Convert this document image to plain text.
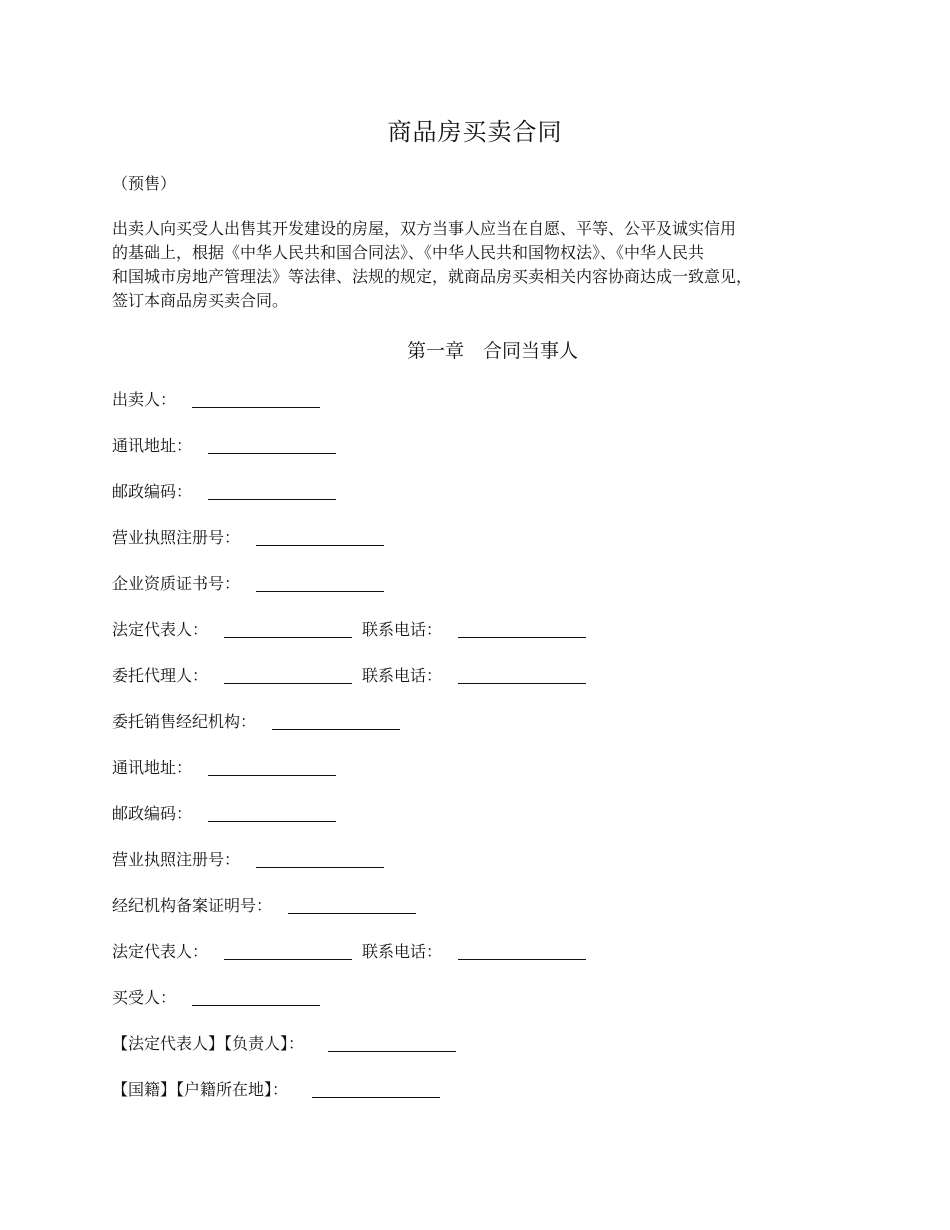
商品房买卖合同
（预售）
出卖人向买受人出售其开发建设的房屋，双方当事人应当在自愿、平等、公平及诚实信用
的基础上，根据《中华人民共和国合同法》、《中华人民共和国物权法》、《中华人民共
和国城市房地产管理法》等法律、法规的规定，就商品房买卖相关内容协商达成一致意见，
签订本商品房买卖合同。
第一章　合同当事人
出卖人：
通讯地址：
邮政编码：
营业执照注册号：
企业资质证书号：
法定代表人：	联系电话：
委托代理人：	联系电话：
委托销售经纪机构：
通讯地址：
邮政编码：
营业执照注册号：
经纪机构备案证明号：
法定代表人：	联系电话：
买受人：
【法定代表人】【负责人】：
【国籍】【户籍所在地】：
